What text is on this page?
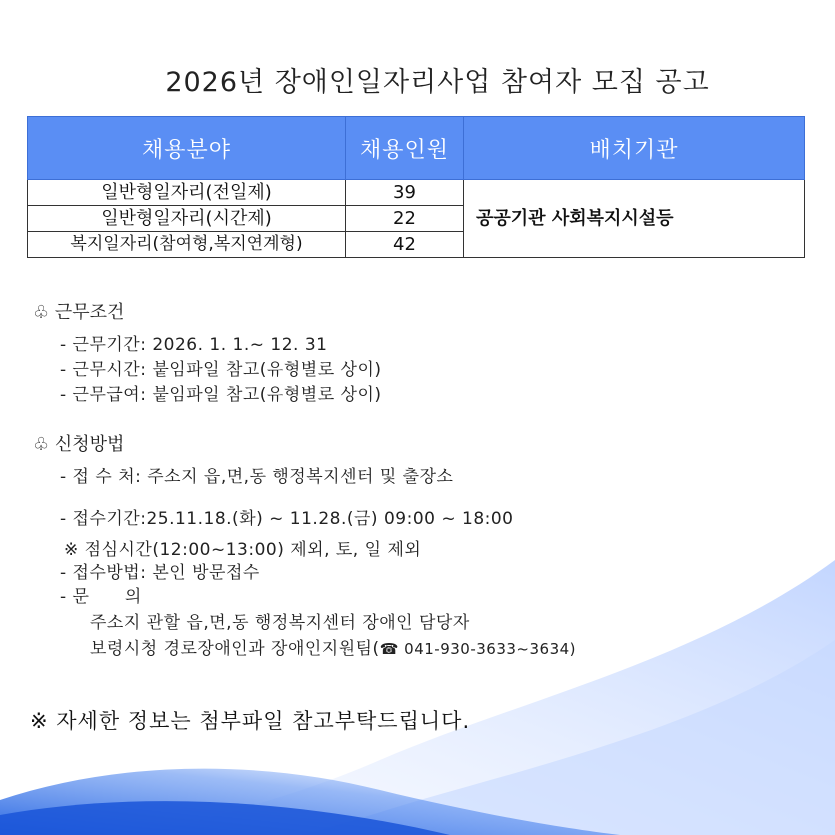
2026년 장애인일자리사업 참여자 모집 공고
채용분야	채용인원	배치기관
일반형일자리(전일제)	39	공공기관 사회복지시설등
일반형일자리(시간제)	22	
복지일자리(참여형,복지연계형)	42	
♧ 근무조건
- 근무기간: 2026. 1. 1.~ 12. 31
- 근무시간: 붙임파일 참고(유형별로 상이)
- 근무급여: 붙임파일 참고(유형별로 상이)
♧ 신청방법
- 접 수 처: 주소지 읍,면,동 행정복지센터 및 출장소
- 접수기간:25.11.18.(화) ~ 11.28.(금) 09:00 ~ 18:00
※ 점심시간(12:00~13:00) 제외, 토, 일 제외
- 접수방법: 본인 방문접수
- 문      의
주소지 관할 읍,면,동 행정복지센터 장애인 담당자
보령시청 경로장애인과 장애인지원팀(☎ 041-930-3633~3634)
※ 자세한 정보는 첨부파일 참고부탁드립니다.
